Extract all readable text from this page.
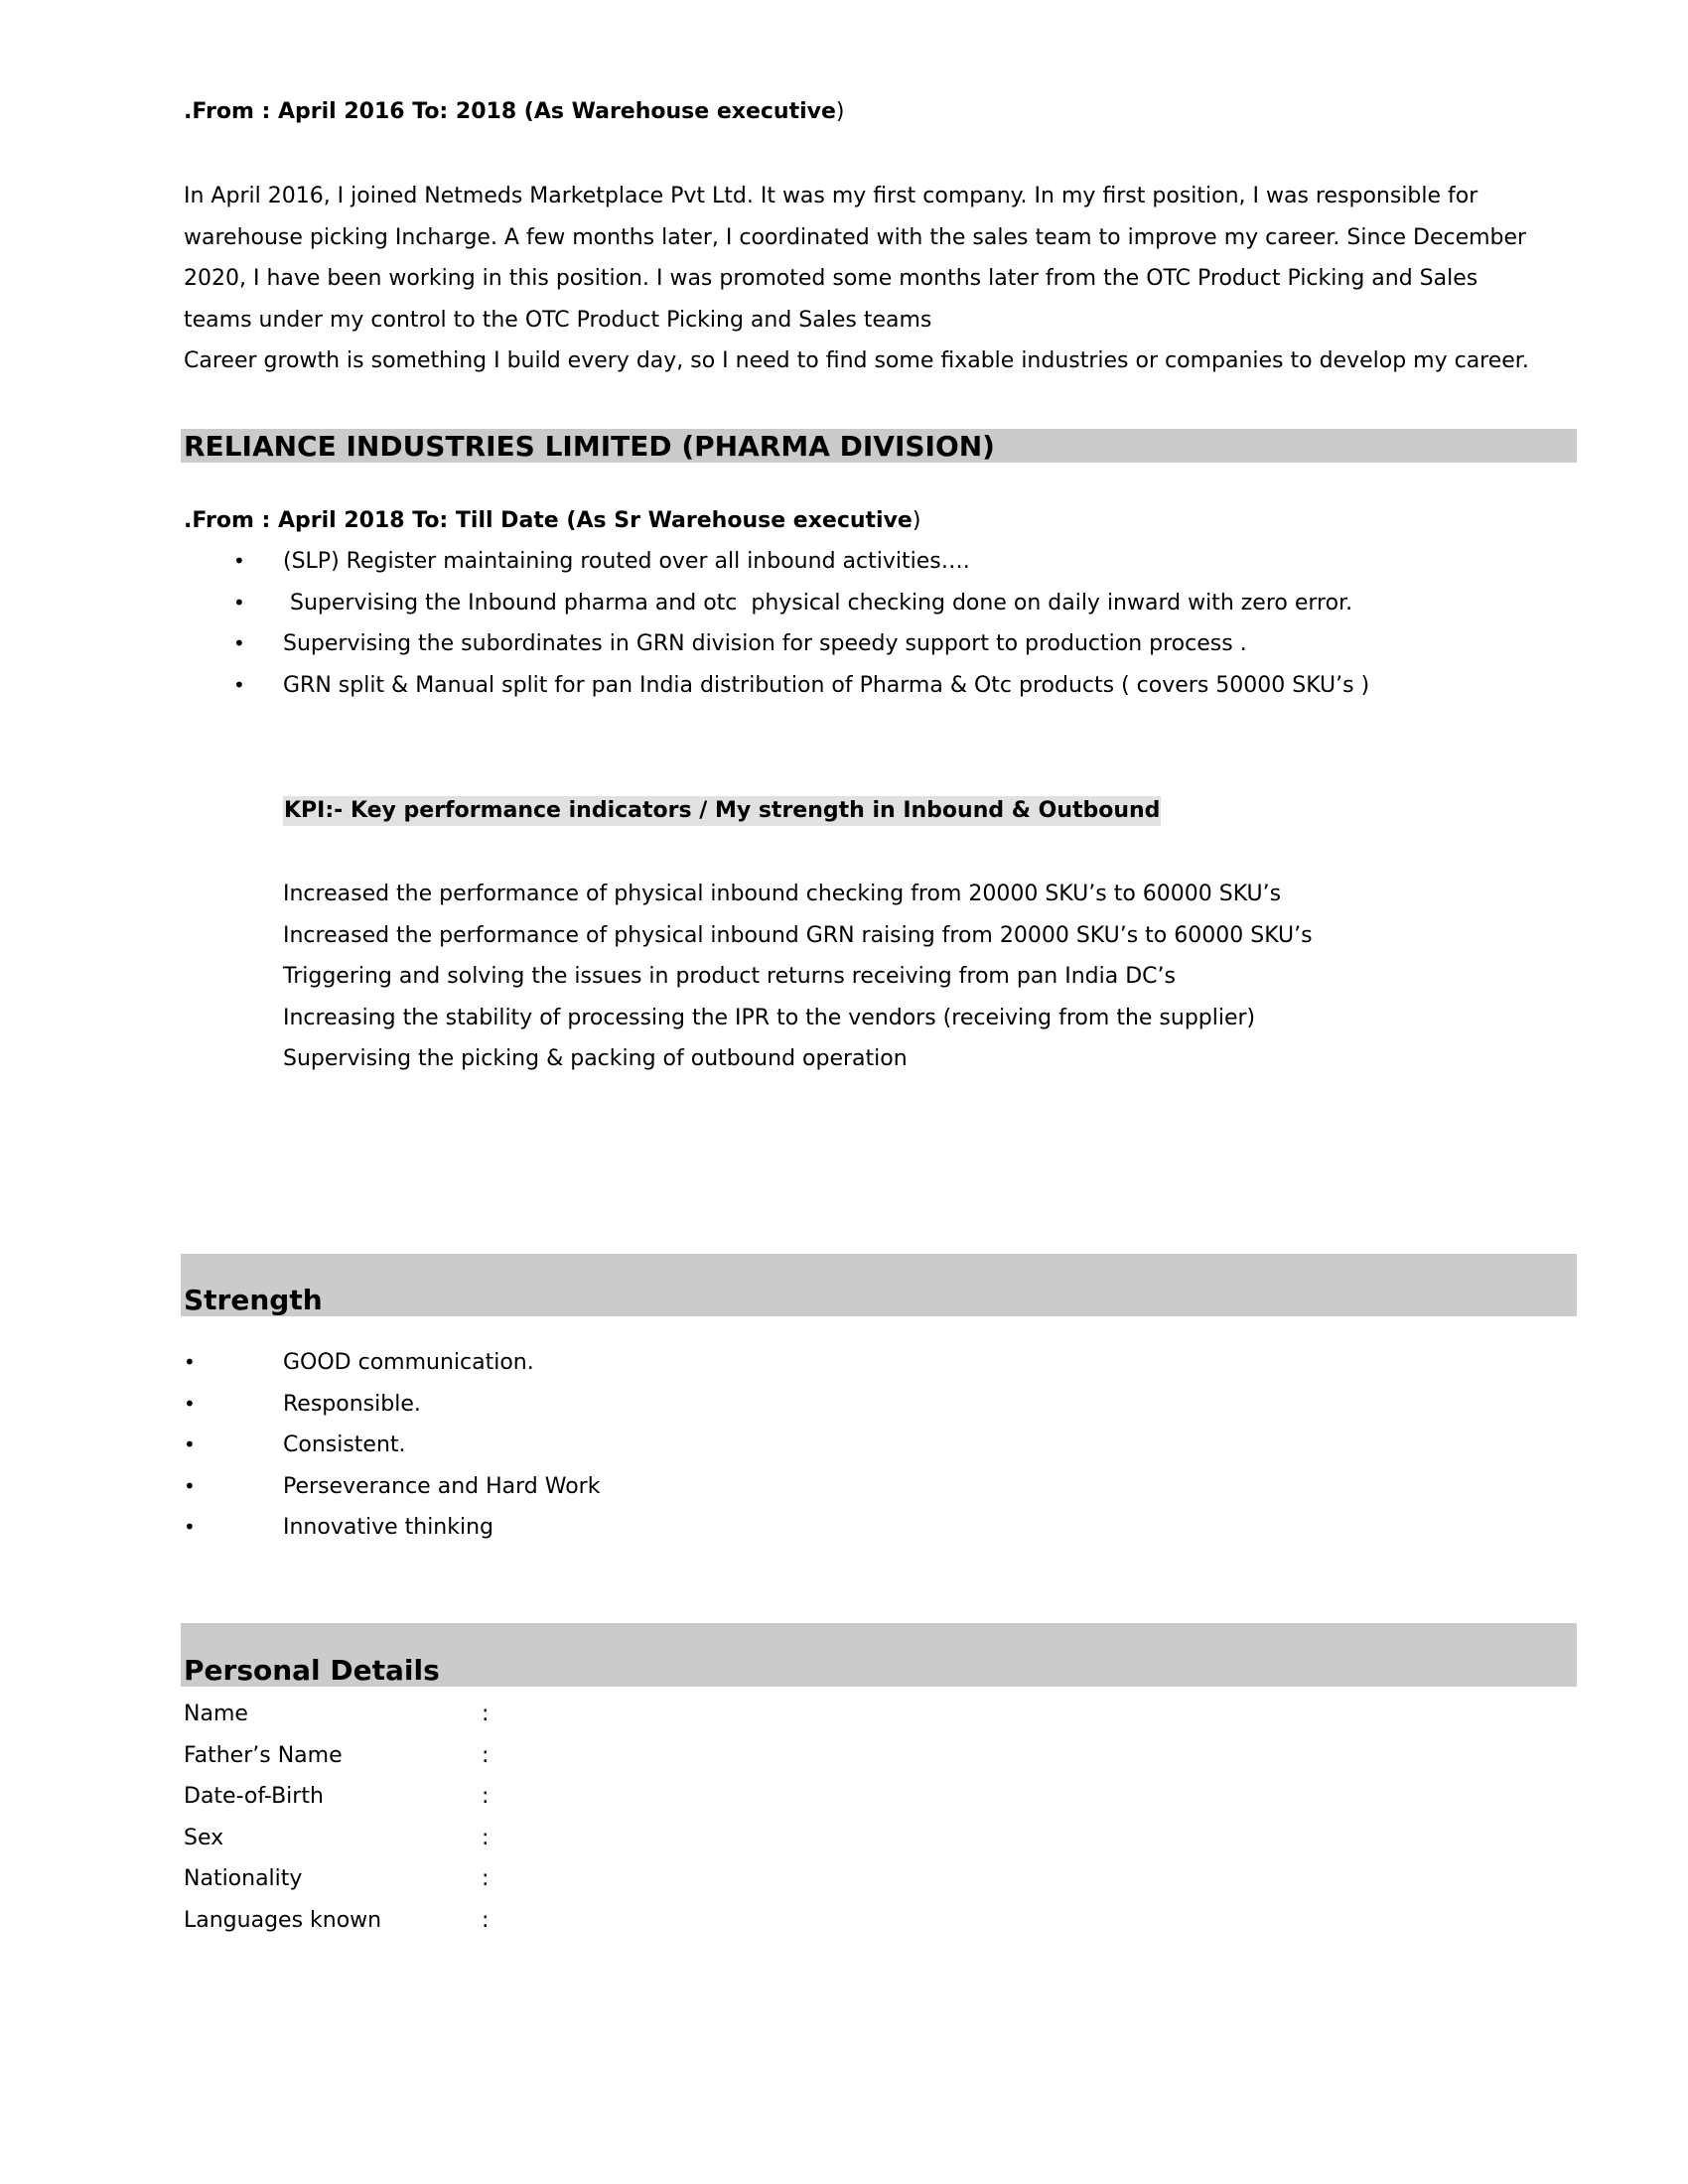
.From : April 2016 To: 2018 (As Warehouse executive)

In April 2016, I joined Netmeds Marketplace Pvt Ltd. It was my first company. In my first position, I was responsible for

warehouse picking Incharge. A few months later, I coordinated with the sales team to improve my career. Since December

2020, I have been working in this position. I was promoted some months later from the OTC Product Picking and Sales

teams under my control to the OTC Product Picking and Sales teams

Career growth is something I build every day, so I need to find some fixable industries or companies to develop my career.

RELIANCE INDUSTRIES LIMITED (PHARMA DIVISION)
.From : April 2018 To: Till Date (As Sr Warehouse executive)
• (SLP) Register maintaining routed over all inbound activities….
• Supervising the Inbound pharma and otc  physical checking done on daily inward with zero error.
• Supervising the subordinates in GRN division for speedy support to production process .
• GRN split & Manual split for pan India distribution of Pharma & Otc products ( covers 50000 SKU’s )
KPI:- Key performance indicators / My strength in Inbound & Outbound
Increased the performance of physical inbound checking from 20000 SKU’s to 60000 SKU’s
Increased the performance of physical inbound GRN raising from 20000 SKU’s to 60000 SKU’s
Triggering and solving the issues in product returns receiving from pan India DC’s
Increasing the stability of processing the IPR to the vendors (receiving from the supplier)
Supervising the picking & packing of outbound operation
Strength
•	GOOD communication.
•	Responsible.
•	Consistent.
•	Perseverance and Hard Work
•	Innovative thinking
Personal Details
Name	:
Father’s Name	:
Date-of-Birth	:
Sex	:
Nationality	:
Languages known	:
